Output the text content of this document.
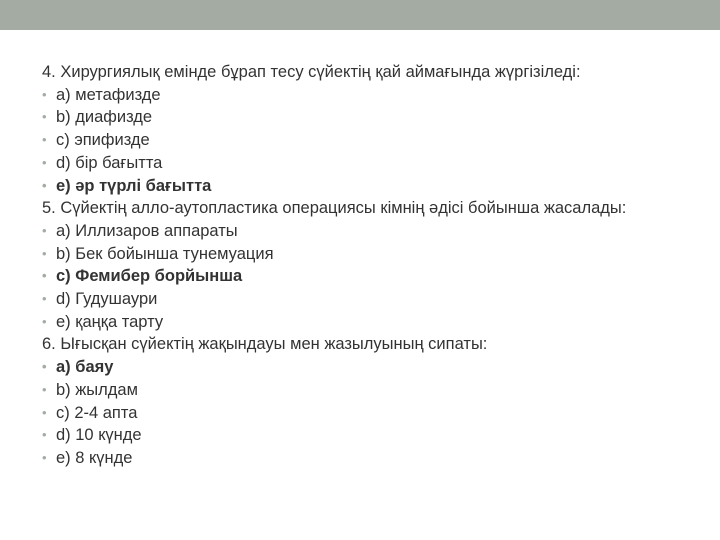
4. Хирургиялық емінде бұрап тесу сүйектің қай аймағында жүргізіледі:
• а) метафизде
• b) диафизде
• c) эпифизде
• d) бір бағытта
• e) әр түрлі бағытта
5. Сүйектің алло-аутопластика операциясы кімнің әдісі бойынша жасалады:
• а) Иллизаров аппараты
• b) Бек бойынша тунемуация
• c) Фемибер борйынша
• d) Гудушаури
• e) қаңқа тарту
6. Ығысқан сүйектің жақындауы мен жазылуының сипаты:
• а) баяу
• b) жылдам
• c) 2-4 апта
• d) 10 күнде
• e) 8 күнде
